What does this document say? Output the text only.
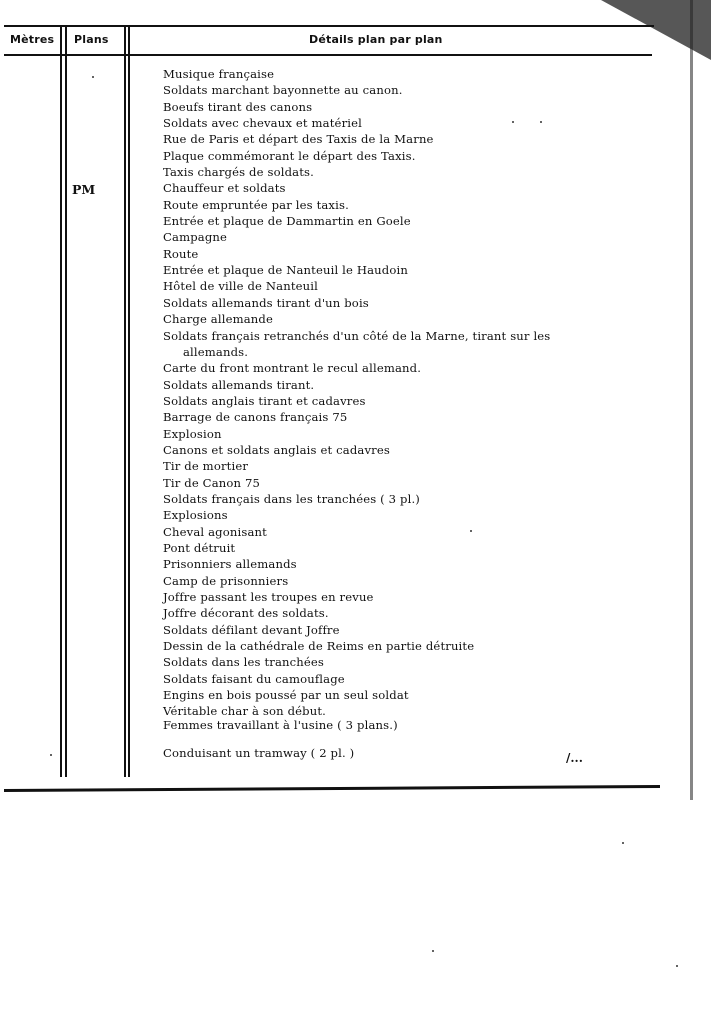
Mètres Plans	Détails plan par plan
PM
Musique française
Soldats marchant bayonnette au canon.
Boeufs tirant des canons
Soldats avec chevaux et matériel
Rue de Paris et départ des Taxis de la Marne
Plaque commémorant le départ des Taxis.
Taxis chargés de soldats.
Chauffeur et soldats
Route empruntée par les taxis.
Entrée et plaque de Dammartin en Goele
Campagne
Route
Entrée et plaque de Nanteuil le Haudoin
Hôtel de ville de Nanteuil
Soldats allemands tirant d'un bois
Charge allemande
Soldats français retranchés d'un côté de la Marne, tirant sur les
allemands.
Carte du front montrant le recul allemand.
Soldats allemands tirant.
Soldats anglais tirant et cadavres
Barrage de canons français 75
Explosion
Canons et soldats anglais et cadavres
Tir de mortier
Tir de Canon 75
Soldats français dans les tranchées ( 3 pl.)
Explosions
Cheval agonisant
Pont détruit
Prisonniers allemands
Camp de prisonniers
Joffre passant les troupes en revue
Joffre décorant des soldats.
Soldats défilant devant Joffre
Dessin de la cathédrale de Reims en partie détruite
Soldats dans les tranchées
Soldats faisant du camouflage
Engins en bois poussé par un seul soldat
Véritable char à son début.
Femmes travaillant à l'usine ( 3 plans.)
Conduisant un tramway ( 2 pl. )	/...
